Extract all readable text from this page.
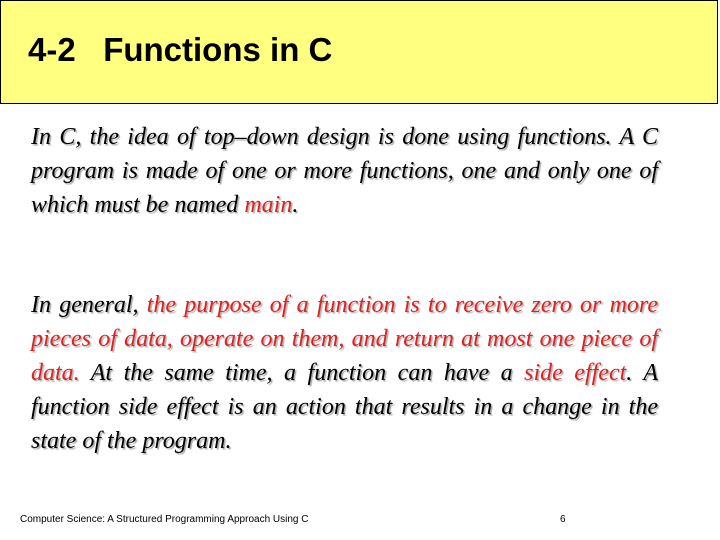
4-2   Functions in C

In C, the idea of top–down design is done using functions. A C program is made of one or more functions, one and only one of which must be named main.

In general, the purpose of a function is to receive zero or more pieces of data, operate on them, and return at most one piece of data. At the same time, a function can have a side effect. A function side effect is an action that results in a change in the state of the program.

Computer Science: A Structured Programming Approach Using C	6
